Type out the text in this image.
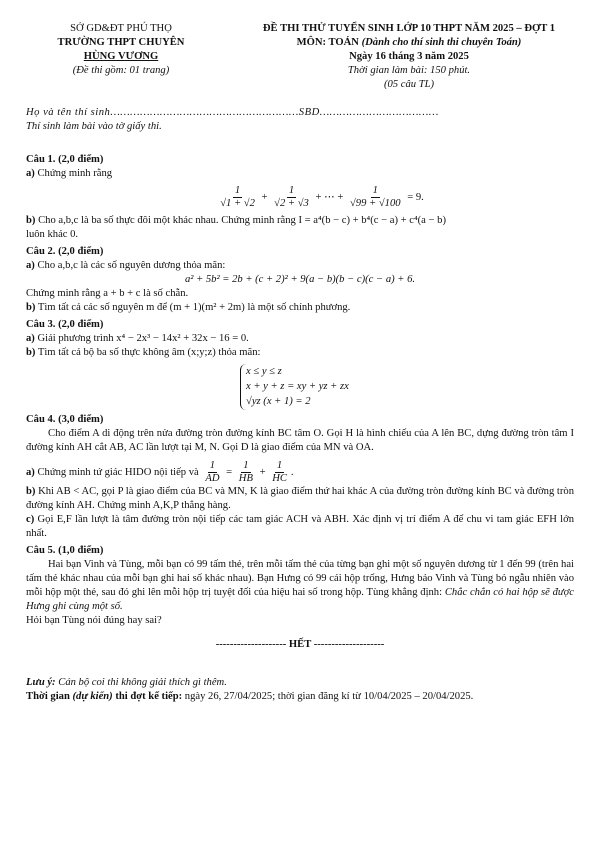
SỞ GD&ĐT PHÚ THỌ
TRƯỜNG THPT CHUYÊN
HÙNG VƯƠNG
(Đề thi gồm: 01 trang)
ĐỀ THI THỬ TUYỂN SINH LỚP 10 THPT NĂM 2025 – ĐỢT 1
MÔN: TOÁN (Dành cho thí sinh thi chuyên Toán)
Ngày 16 tháng 3 năm 2025
Thời gian làm bài: 150 phút.
(05 câu TL)
Họ và tên thí sinh…………………………………………………SBD………………………………
Thí sinh làm bài vào tờ giấy thi.
Câu 1. (2,0 điểm)
a) Chứng minh rằng
$\frac{1}{√1 + √2} + \frac{1}{√2 + √3}$ + ⋯ + $\frac{1}{√99 + √100} = 9$.
b) Cho a,b,c là ba số thực đôi một khác nhau. Chứng minh rằng I = a⁴(b − c) + b⁴(c − a) + c⁴(a − b)
luôn khác 0.
Câu 2. (2,0 điểm)
a) Cho a,b,c là các số nguyên dương thỏa mãn:
a² + 5b² = 2b + (c + 2)² + 9(a − b)(b − c)(c − a) + 6.
Chứng minh rằng a + b + c là số chẵn.
b) Tìm tất cả các số nguyên m để (m + 1)(m² + 2m) là một số chính phương.
Câu 3. (2,0 điểm)
a) Giải phương trình x⁴ − 2x³ − 14x² + 32x − 16 = 0.
b) Tìm tất cả bộ ba số thực không âm (x;y;z) thỏa mãn:
x ≤ y ≤ z
x + y + z = xy + yz + zx
√yz (x + 1) = 2
Câu 4. (3,0 điểm)
Cho điểm A di động trên nửa đường tròn đường kính BC tâm O. Gọi H là hình chiếu của A lên BC, dựng đường tròn tâm I đường kính AH cắt AB, AC lần lượt tại M, N. Gọi D là giao điểm của MN và OA.
a) Chứng minh tứ giác HIDO nội tiếp và $\frac{1}{AD} = \frac{1}{HB} + \frac{1}{HC}$ .
b) Khi AB < AC, gọi P là giao điểm của BC và MN, K là giao điểm thứ hai khác A của đường tròn đường kính BC và đường tròn đường kính AH. Chứng minh A,K,P thẳng hàng.
c) Gọi E,F lần lượt là tâm đường tròn nội tiếp các tam giác ACH và ABH. Xác định vị trí điểm A để chu vi tam giác EFH lớn nhất.
Câu 5. (1,0 điểm)
Hai bạn Vinh và Tùng, mỗi bạn có 99 tấm thẻ, trên mỗi tấm thẻ của từng bạn ghi một số nguyên dương từ 1 đến 99 (trên hai tấm thẻ khác nhau của mỗi bạn ghi hai số khác nhau). Bạn Hưng có 99 cái hộp trống, Hưng bảo Vinh và Tùng bỏ ngẫu nhiên vào mỗi hộp một thẻ, sau đó ghi lên mỗi hộp trị tuyệt đối của hiệu hai số trong hộp. Tùng khẳng định: Chắc chắn có hai hộp sẽ được Hưng ghi cùng một số.
Hỏi bạn Tùng nói đúng hay sai?
-------------------- HẾT --------------------
Lưu ý: Cán bộ coi thi không giải thích gì thêm.
Thời gian (dự kiến) thi đợt kế tiếp: ngày 26, 27/04/2025; thời gian đăng kí từ 10/04/2025 – 20/04/2025.
